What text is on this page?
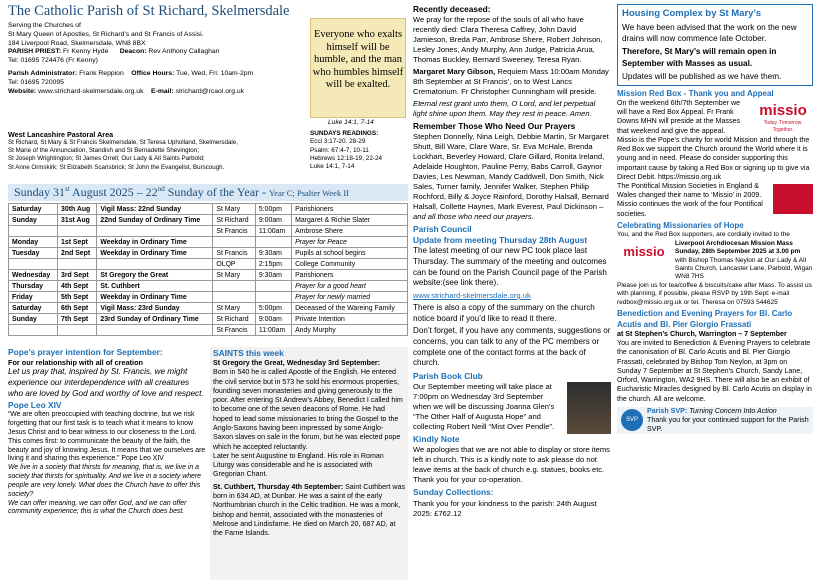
The Catholic Parish of St Richard, Skelmersdale
Serving the Churches of
St Mary Queen of Apostles, St Richard’s and St Francis of Assisi.
184 Liverpool Road, Skelmersdale, WN8 8BX
PARISH PRIEST: Fr Kenny Hyde Deacon: Rev Anthony Callaghan
Tel: 01695 724476 (Fr Kenny)
Parish Administrator: Frank Reppion Office Hours: Tue, Wed, Fri: 10am-2pm
Tel: 01695 720095
Website: www.strichard-skelmersdale.org.uk E-mail: strichard@rcaol.org.uk
Everyone who exalts himself will be humble, and the man who humbles himself will be exalted.
Luke 14:1, 7-14
West Lancashire Pastoral Area
St Richard, St Mary & St Francis Skelmersdale, St Teresa Upholland, Skelmersdale,
St Marie of the Annunciation, Standish and St Bernadette Shevington;
St Joseph Wrightington; St James Orrell; Our Lady & All Saints Parbold;
St Anne Ormskirk; St Elizabeth Scarisbrick; St John the Evangelist, Burscough.
SUNDAYS READINGS:
Eccl 3:17-20. 28-29
Psalm: 67:4-7, 10-11
Hebrews 12:18-19, 22-24
Luke 14:1, 7-14
Sunday 31st August 2025 – 22nd Sunday of the Year - Year C; Psalter Week II
Saturday	30th Aug	Vigil Mass: 22nd Sunday	St Mary	5:00pm	Parishioners
Sunday	31st Aug	22nd Sunday of Ordinary Time	St Richard	9:00am	Margaret & Richie Slater
			St Francis	11:00am	Ambrose Shere
Monday	1st Sept	Weekday in Ordinary Time			Prayer for Peace
Tuesday	2nd Sept	Weekday in Ordinary Time	St Francis	9:30am	Pupils at school begins
			OLQP	2:15pm	College Community
Wednesday	3rd Sept	St Gregory the Great	St Mary	9:30am	Parishioners
Thursday	4th Sept	St. Cuthbert			Prayer for a good heart
Friday	5th Sept	Weekday in Ordinary Time			Prayer for newly married
Saturday	6th Sept	Vigil Mass: 23rd Sunday	St Mary	5:00pm	Deceased of the Wareing Family
Sunday	7th Sept	23rd Sunday of Ordinary Time	St Richard	9:00am	Private Intention
			St Francis	11:00am	Andy Murphy
Pope’s prayer intention for September:
For our relationship with all of creation
Let us pray that, inspired by St. Francis, we might experience our interdependence with all creatures who are loved by God and worthy of love and respect.
Pope Leo XIV
“We are often preoccupied with teaching doctrine, but we risk forgetting that our first task is to teach what it means to know Jesus Christ and to bear witness to our closeness to the Lord. This comes first: to communicate the beauty of the faith, the beauty and joy of knowing Jesus. It means that we ourselves are living it and sharing this experience.” Pope Leo XIV
We live in a society that thirsts for meaning, that is, we live in a society that thirsts for spirituality. And we live in a society where people are very lonely. What does the Church have to offer this society?
We can offer meaning, we can offer God, and we can offer community experience; this is what the Church does best.
SAINTS this week
St Gregory the Great, Wednesday 3rd September:
Born in 540 he is called Apostle of the English. He entered the civil service but in 573 he sold his enormous properties, founding seven monasteries and giving generously to the poor. After entering St Andrew’s Abbey, Benedict I called him to become one of the seven deacons of Rome. He had hoped to lead some missionaries to bring the Gospel to the Anglo-Saxons having been impressed by some Anglo- Saxon slaves on sale in the forum, but he was elected pope which he accepted reluctantly.
Later he sent Augustine to England. His role in Roman Liturgy was considerable and he is associated with Gregorian Chant.
St. Cuthbert, Thursday 4th September: Saint Cuthbert was born in 634 AD, at Dunbar. He was a saint of the early Northumbrian church in the Celtic tradition. He was a monk, bishop and hermit, associated with the monasteries of Melrose and Lindisfarne. He died on March 20, 687 AD, at the Farne Islands.
Recently deceased:

We pray for the repose of the souls of all who have recently died: Clara Theresa Caffrey, John David Jamieson, Breda Parr, Ambrose Shere, Robert Johnson, Lesley Jones, Andy Murphy, Ann Judge, Patricia Arua, Thomas Buckley, Bernard Sweeney, Teresa Ryan.

Margaret Mary Gibson, Requiem Mass 10:00am Monday 8th September at St Francis’, on to West Lancs Crematorium. Fr Christopher Cunningham will preside.

Eternal rest grant unto them, O Lord, and let perpetual light shine upon them. May they rest in peace. Amen.

Remember Those Who Need Our Prayers

Stephen Donnelly, Nina Leigh, Debbie Martin, Sr Margaret Shutt, Bill Ware, Clare Ware, Sr. Eva McHale, Brenda Lockhart, Beverley Howard, Clare Gillard, Ronita Ireland, Adelaide Houghton, Pauline Perry, Babs Carroll, Gaynor Davies, Les Newman, Mandy Caddwell, Don Smith, Nick Sales, Turner family, Jennifer Walker, Stephen Philip Rochford, Billy & Joyce Rainford, Dorothy Halsall, Bernard Halsall, Collette Haynes, Mark Everest, Paul Dickinson – and all those who need our prayers.

Parish Council
Update from meeting Thursday 28th August

The latest meeting of our new PC took place last Thursday. The summary of the meeting and outcomes can be found on the Parish Council page of the Parish website:(see link there).

www.strichard-skelmersdale.org.uk

There is also a copy of the summary on the church notice board if you’d like to read it there.

Don’t forget, if you have any comments, suggestions or concerns, you can talk to any of the PC members or complete one of the contact forms at the back of church.

Parish Book Club

Our September meeting will take place at 7:00pm on Wednesday 3rd September when we will be discussing Joanna Glen’s “The Other Half of Augusta Hope” and collecting Robert Neill “Mist Over Pendle”.

Kindly Note

We apologies that we are not able to display or store items left in church. This is a kindly note to ask please do not leave items at the back of church e.g. statues, books etc. Thank you for your co-operation.

Sunday Collections:

Thank you for your kindness to the parish: 24th August 2025: £762.12

Housing Complex by St Mary’s
We have been advised that the work on the new drains will now commence late October.
Therefore, St Mary’s will remain open in September with Masses as usual.
Updates will be published as we have them.
Mission Red Box - Thank you and Appeal
missio
Today. Tomorrow. Together.
On the weekend 6th/7th September we will have a Red Box Appeal. Fr Frank Downs MHN will preside at the Masses that weekend and give the appeal.
Missio is the Pope’s charity for world Mission and through the Red Box we support the Church around the World where it is young and in need. Please do consider supporting this important cause by taking a Red Box or signing up to give via Direct Debit. https://missio.org.uk
The Pontifical Mission Societies in England & Wales changed their name to ‘Missio’ in 2009. Missio continues the work of the four Pontifical societies.
Celebrating Missionaries of Hope
You, and the Red Box supporters, are cordially invited to the
missio
Liverpool Archdiocesan Mission Mass Sunday, 28th September 2025 at 3.00 pm
with Bishop Thomas Neylon at Our Lady & All Saints Church, Lancaster Lane, Parbold, Wigan WN8 7HS
Please join us for tea/coffee & biscuits/cake after Mass. To assist us with planning, if possible, please RSVP by 19th Sept: e-mail redbox@missio.org.uk or tel. Theresa on 07593 544625
Benediction and Evening Prayers for Bl. Carlo Acutis and Bl. Pier Giorgio Frassati
at St Stephen’s Church, Warrington – 7 September
You are invited to Benediction & Evening Prayers to celebrate the canonisation of Bl. Carlo Acutis and Bl. Pier Giorgio Frassati, celebrated by Bishop Tom Neylon, at 3pm on Sunday 7 September at St Stephen’s Church, Sandy Lane, Orford, Warrington, WA2 9HS. There will also be an exhibit of Eucharistic Miracles designed by Bl. Carlo Acutis on display in the church. All are welcome.
SVP
Parish SVP: Turning Concern Into Action
Thank you for your continued support for the Parish SVP.
